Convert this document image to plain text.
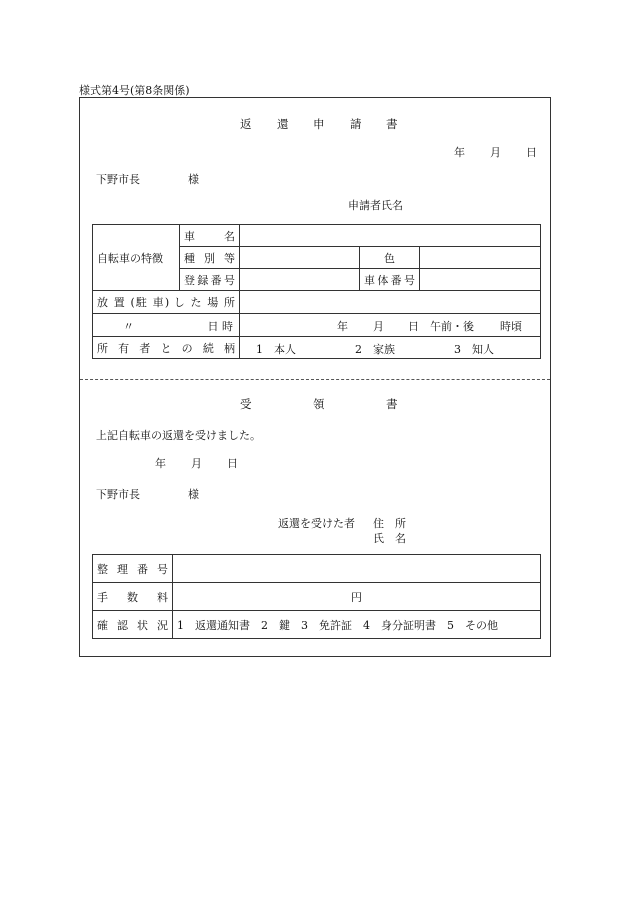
様式第4号(第8条関係)
返 還 申 請 書
年 月 日
下野市長	様
申請者氏名
自転車の特徴	車　　名			
	種 別 等		色	
	登録番号		車体番号	
放 置 (駐 車) し た 場 所				

〃 日 時		年 月 日 午前・後 時頃		

所 有 者 と の 続 柄		1　本人 2　家族 3　知人		
受	領	書
上記自転車の返還を受けました。
年 月 日
下野市長	様
返還を受けた者 住　所
氏　名
整 理 番 号	
手 数 料	円
確 認 状 況	1　返還通知書　2　鍵　3　免許証　4　身分証明書　5　その他
